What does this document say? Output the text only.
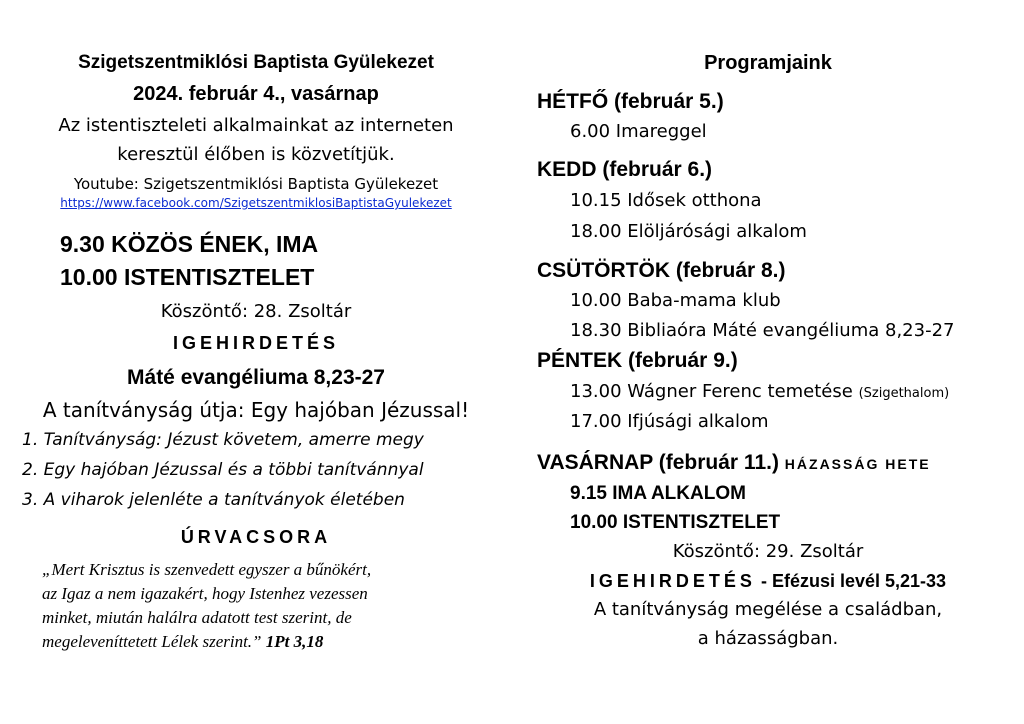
Szigetszentmiklósi Baptista Gyülekezet
2024. február 4., vasárnap
Az istentiszteleti alkalmainkat az interneten
keresztül élőben is közvetítjük.
Youtube: Szigetszentmiklósi Baptista Gyülekezet
https://www.facebook.com/SzigetszentmiklosiBaptistaGyulekezet
9.30 KÖZÖS ÉNEK, IMA
10.00 ISTENTISZTELET
Köszöntő: 28. Zsoltár
IGEHIRDETÉS
Máté evangéliuma 8,23-27
A tanítványság útja: Egy hajóban Jézussal!
1. Tanítványság: Jézust követem, amerre megy
2. Egy hajóban Jézussal és a többi tanítvánnyal
3. A viharok jelenléte a tanítványok életében
ÚRVACSORA
„Mert Krisztus is szenvedett egyszer a bűnökért,
az Igaz a nem igazakért, hogy Istenhez vezessen
minket, miután halálra adatott test szerint, de
megeleveníttetett Lélek szerint.” 1Pt 3,18
Programjaink
HÉTFŐ (február 5.)
6.00 Imareggel
KEDD (február 6.)
10.15 Idősek otthona
18.00 Elöljárósági alkalom
CSÜTÖRTÖK (február 8.)
10.00 Baba-mama klub
18.30 Bibliaóra Máté evangéliuma 8,23-27
PÉNTEK (február 9.)
13.00 Wágner Ferenc temetése (Szigethalom)
17.00 Ifjúsági alkalom
VASÁRNAP (február 11.) HÁZASSÁG HETE
9.15 IMA ALKALOM
10.00 ISTENTISZTELET
Köszöntő: 29. Zsoltár
IGEHIRDETÉS - Efézusi levél 5,21-33
A tanítványság megélése a családban,
a házasságban.
